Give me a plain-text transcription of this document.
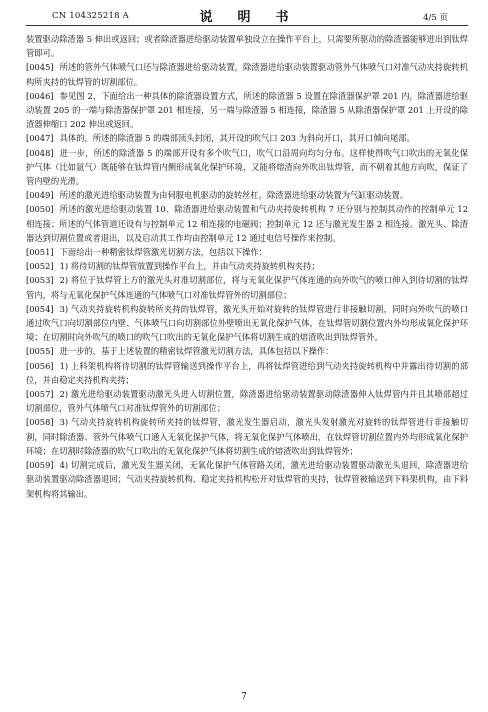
CN 104325218 A	说　明　书	4/5 页

装置驱动除渣器 5 伸出或返回；或者除渣器进给驱动装置单独设立在操作平台上，只需要所驱动的除渣器能够进出到钛焊管即可。

[0045] 所述的管外气体喷气口还与除渣器进给驱动装置，除渣器进给驱动装置驱动管外气体喷气口对准气动夹持旋转机构所夹持的钛焊管的切割部位。

[0046] 参见图 2，下面给出一种具体的除渣器设置方式，所述的除渣器 5 设置在除渣器保护罩 201 内，除渣器进给驱动装置 205 的一端与除渣器保护罩 201 相连接，另一端与除渣器 5 相连接，除渣器 5 从除渣器保护罩 201 上开设的除渣器伸缩口 202 伸出或返回。

[0047] 具体的，所述的除渣器 5 的端部顶头封闭，其开设的吹气口 203 为斜向开口，其开口倾向尾部。

[0048] 进一步，所述的除渣器 5 的端部开设有多个吹气口，吹气口沿周向均匀分布。这样使得吹气口吹出的无氧化保护气体（比如氩气）既能够在钛焊管内侧形成氧化保护环境，又能将熔渣向外吹出钛焊管，而不朝着其他方向吹，保证了管内壁的光滑。

[0049] 所述的激光进给驱动装置为由伺服电机驱动的旋转丝杠，除渣器进给驱动装置为气缸驱动装置。

[0050] 所述的激光进给驱动装置 10、除渣器进给驱动装置和气动夹持旋转机构 7 还分别与控制其动作的控制单元 12 相连接；所述的气体管道还设有与控制单元 12 相连接的电磁阀；控制单元 12 还与激光发生器 2 相连接。激光头、除渣器达到切割位置或者退出，以及启动其工作均由控制单元 12 通过电信号操作来控制。

[0051] 下面给出一种精密钛焊管激光切割方法，包括以下操作：

[0052] 1) 将待切割的钛焊管放置到操作平台上，并由气动夹持旋转机构夹持；

[0053] 2) 将位于钛焊管上方的激光头对准切割部位，将与无氧化保护气体连通的向外吹气的喷口伸入到待切割的钛焊管内，将与无氧化保护气体连通的气体喷气口对准钛焊管外的切割部位；

[0054] 3) 气动夹持旋转机构旋转所夹持的钛焊管，激光头开始对旋转的钛焊管进行非接触切割，同时向外吹气的喷口通过吹气口向切割部位内壁、气体喷气口向切割部位外壁喷出无氧化保护气体，在钛焊管切割位置内外均形成氧化保护环境；在切割时向外吹气的喷口的吹气口吹出的无氧化保护气体将切割生成的熔渣吹出到钛焊管外。

[0055] 进一步的，基于上述装置的精密钛焊管激光切割方法，具体包括以下操作：

[0056] 1) 上料架机构将待切割的钛焊管输送到操作平台上，再将钛焊管进给到气动夹持旋转机构中并露出待切割的部位，并由稳定夹持机构夹持；

[0057] 2) 激光进给驱动装置驱动激光头进入切割位置，除渣器进给驱动装置驱动除渣器伸入钛焊管内并且其喷部超过切割部位，管外气体喷气口对准钛焊管外的切割部位；

[0058] 3) 气动夹持旋转机构旋转所夹持的钛焊管，激光发生器启动，激光头发射激光对旋转的钛焊管进行非接触切割，同时除渣器、管外气体喷气口通入无氧化保护气体，将无氧化保护气体喷出，在钛焊管切割位置内外均形成氧化保护环境；在切割时除渣器的吹气口吹出的无氧化保护气体将切割生成的熔渣吹出到钛焊管外；

[0059] 4) 切割完成后，激光发生器关闭，无氧化保护气体管路关闭，激光进给驱动装置驱动激光头退回，除渣器进给驱动装置驱动除渣器退回；气动夹持旋转机构、稳定夹持机构松开对钛焊管的夹持，钛焊管被输送到下料架机构，由下料架机构将其输出。

7
